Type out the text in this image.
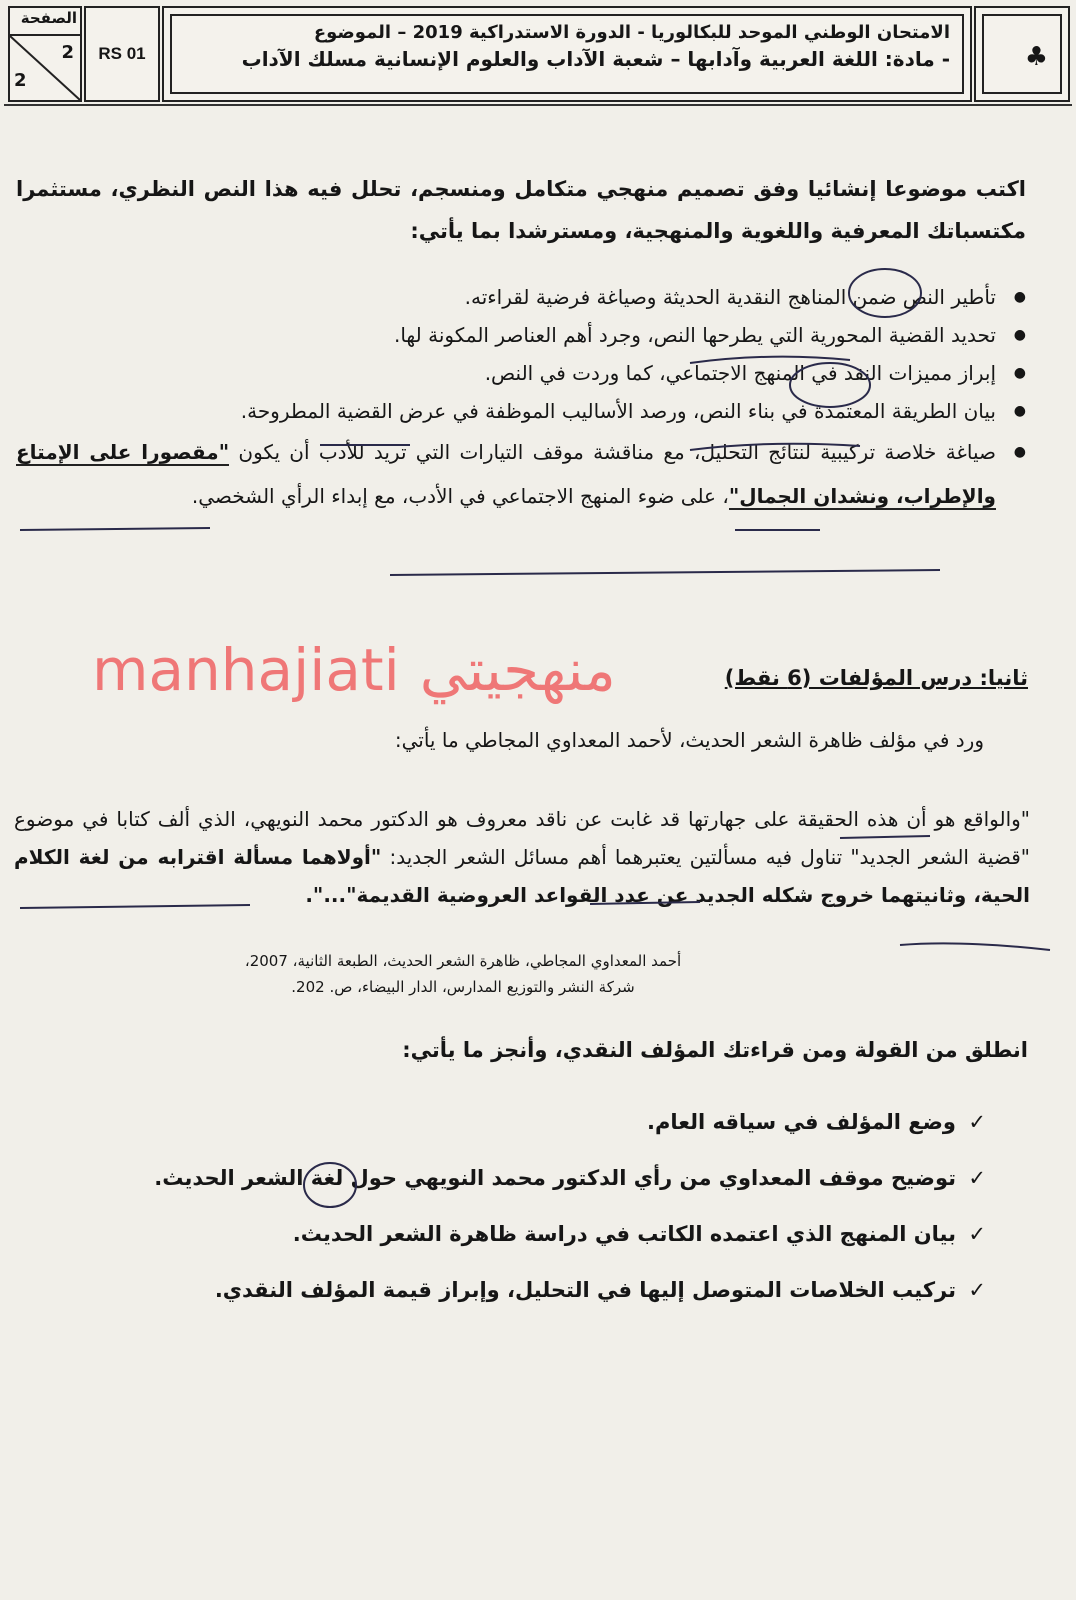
الصفحة
2
2
RS 01
الامتحان الوطني الموحد للبكالوريا - الدورة الاستدراكية 2019 – الموضوع
- مادة: اللغة العربية وآدابها – شعبة الآداب والعلوم الإنسانية مسلك الآداب	♣
اكتب موضوعا إنشائيا وفق تصميم منهجي متكامل ومنسجم، تحلل فيه هذا النص النظري، مستثمرا مكتسباتك المعرفية واللغوية والمنهجية، ومسترشدا بما يأتي:
● تأطير النص ضمن المناهج النقدية الحديثة وصياغة فرضية لقراءته.
● تحديد القضية المحورية التي يطرحها النص، وجرد أهم العناصر المكونة لها.
● إبراز مميزات النقد في المنهج الاجتماعي، كما وردت في النص.
● بيان الطريقة المعتمدة في بناء النص، ورصد الأساليب الموظفة في عرض القضية المطروحة.
● صياغة خلاصة تركيبية لنتائج التحليل، مع مناقشة موقف التيارات التي تريد للأدب أن يكون "مقصورا على الإمتاع والإطراب، ونشدان الجمال"، على ضوء المنهج الاجتماعي في الأدب، مع إبداء الرأي الشخصي.
manhajiati منهجيتي	ثانيا: درس المؤلفات (6 نقط)
ورد في مؤلف ظاهرة الشعر الحديث، لأحمد المعداوي المجاطي ما يأتي:
"والواقع هو أن هذه الحقيقة على جهارتها قد غابت عن ناقد معروف هو الدكتور محمد النويهي، الذي ألف كتابا في موضوع "قضية الشعر الجديد" تناول فيه مسألتين يعتبرهما أهم مسائل الشعر الجديد: "أولاهما مسألة اقترابه من لغة الكلام الحية، وثانيتهما خروج شكله الجديد عن عدد القواعد العروضية القديمة"...".
أحمد المعداوي المجاطي، ظاهرة الشعر الحديث، الطبعة الثانية، 2007،
شركة النشر والتوزيع المدارس، الدار البيضاء، ص. 202.
انطلق من القولة ومن قراءتك المؤلف النقدي، وأنجز ما يأتي:
✓
وضع المؤلف في سياقه العام.
✓
توضيح موقف المعداوي من رأي الدكتور محمد النويهي حول لغة الشعر الحديث.
✓
بيان المنهج الذي اعتمده الكاتب في دراسة ظاهرة الشعر الحديث.
✓
تركيب الخلاصات المتوصل إليها في التحليل، وإبراز قيمة المؤلف النقدي.
